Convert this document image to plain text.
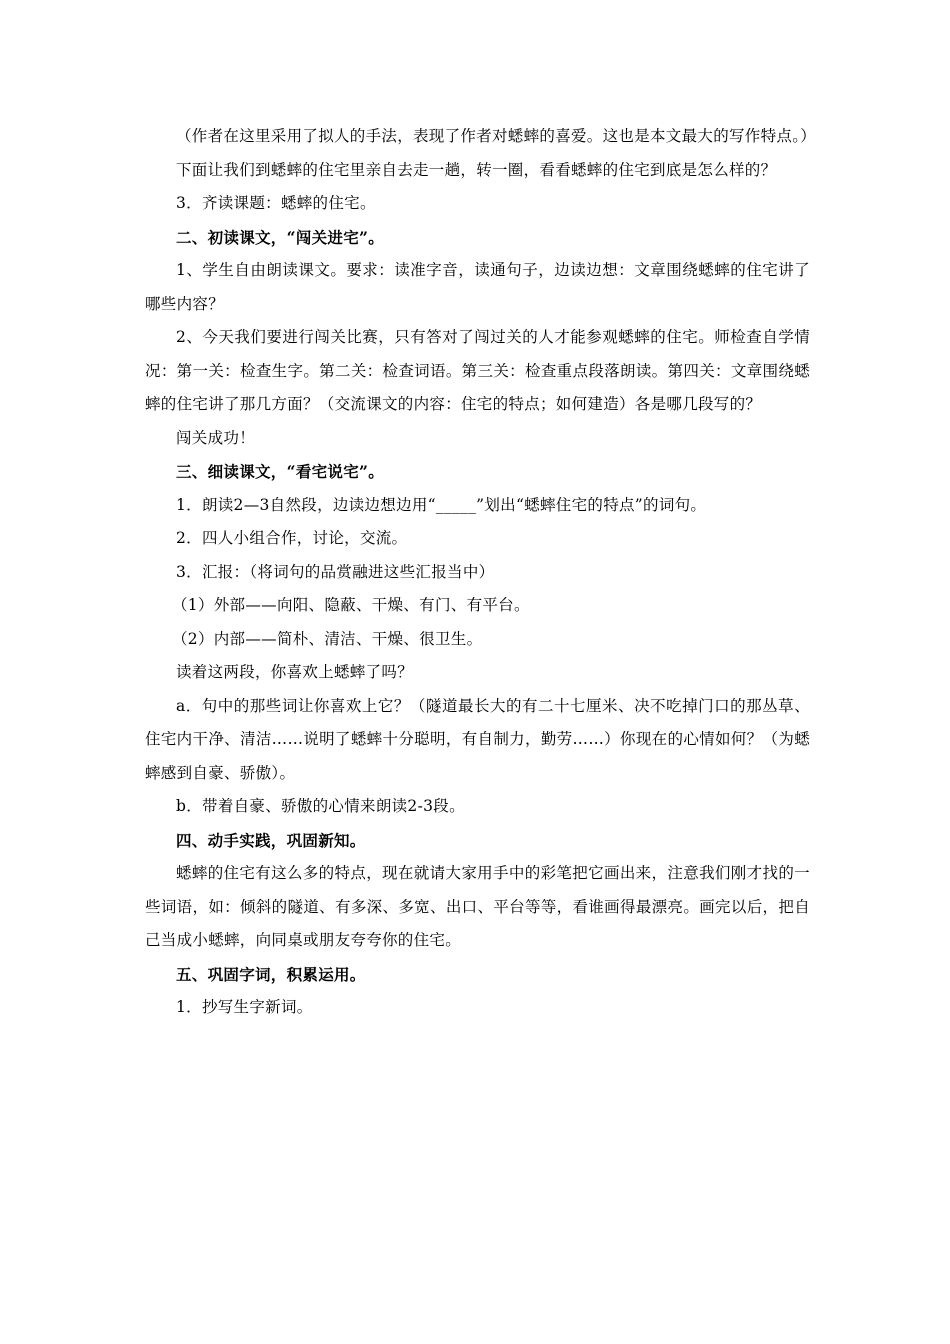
（作者在这里采用了拟人的手法，表现了作者对蟋蟀的喜爱。这也是本文最大的写作特点。）

下面让我们到蟋蟀的住宅里亲自去走一趟，转一圈，看看蟋蟀的住宅到底是怎么样的？

3．齐读课题：蟋蟀的住宅。

二、初读课文，“闯关进宅”。

1、学生自由朗读课文。要求：读准字音，读通句子，边读边想：文章围绕蟋蟀的住宅讲了哪些内容？

2、今天我们要进行闯关比赛，只有答对了闯过关的人才能参观蟋蟀的住宅。师检查自学情况：第一关：检查生字。第二关：检查词语。第三关：检查重点段落朗读。第四关：文章围绕蟋蟀的住宅讲了那几方面？（交流课文的内容：住宅的特点；如何建造）各是哪几段写的？

闯关成功！

三、细读课文，“看宅说宅”。

1．朗读2—3自然段，边读边想边用“_____”划出“蟋蟀住宅的特点”的词句。

2．四人小组合作，讨论，交流。

3．汇报：（将词句的品赏融进这些汇报当中）

（1）外部——向阳、隐蔽、干燥、有门、有平台。

（2）内部——简朴、清洁、干燥、很卫生。

读着这两段，你喜欢上蟋蟀了吗？

a．句中的那些词让你喜欢上它？（隧道最长大的有二十七厘米、决不吃掉门口的那丛草、住宅内干净、清洁……说明了蟋蟀十分聪明，有自制力，勤劳……）你现在的心情如何？（为蟋蟀感到自豪、骄傲）。

b．带着自豪、骄傲的心情来朗读2-3段。

四、动手实践，巩固新知。

蟋蟀的住宅有这么多的特点，现在就请大家用手中的彩笔把它画出来，注意我们刚才找的一些词语，如：倾斜的隧道、有多深、多宽、出口、平台等等，看谁画得最漂亮。画完以后，把自己当成小蟋蟀，向同桌或朋友夸夸你的住宅。

五、巩固字词，积累运用。

1．抄写生字新词。
